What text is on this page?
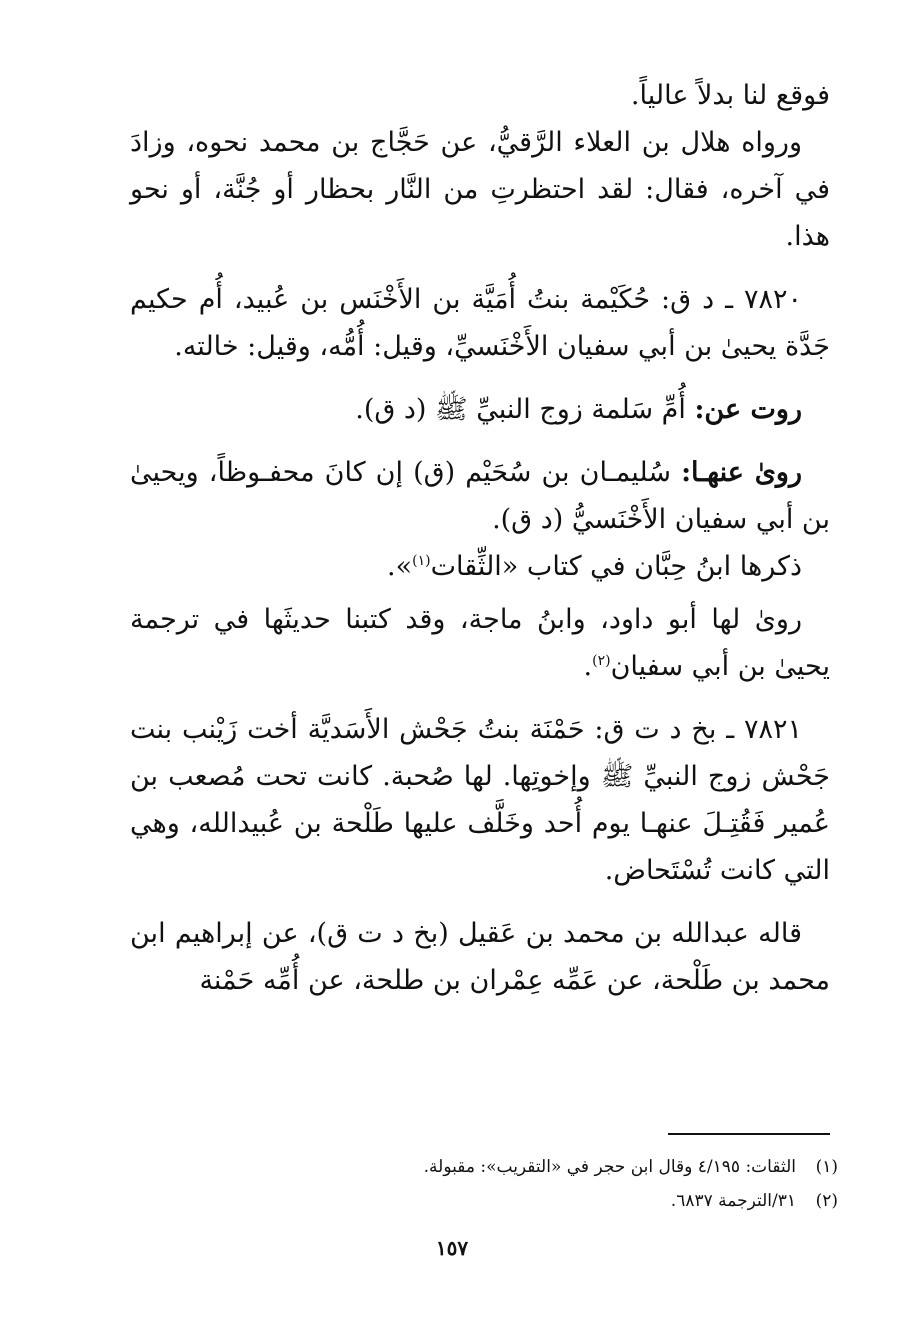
فوقع لنا بدلاً عالياً.

ورواه هلال بن العلاء الرَّقيُّ، عن حَجَّاج بن محمد نحوه، وزادَ في آخره، فقال: لقد احتظرتِ من النَّار بحظار أو جُنَّة، أو نحو هذا.

٧٨٢٠ ـ د ق: حُكَيْمة بنتُ أُمَيَّة بن الأَخْنَس بن عُبيد، أُم حكيم جَدَّة يحيىٰ بن أبي سفيان الأَخْنَسيِّ، وقيل: أُمُّه، وقيل: خالته.

روت عن: أُمِّ سَلمة زوج النبيِّ ﷺ (د ق).

رویٰ عنهـا: سُليمـان بن سُحَيْم (ق) إن كانَ محفـوظاً، ويحيىٰ بن أبي سفيان الأَخْنَسيُّ (د ق).

ذكرها ابنُ حِبَّان في كتاب «الثِّقات$^{(١)}$».

رویٰ لها أبو داود، وابنُ ماجة، وقد كتبنا حديثَها في ترجمة يحيىٰ بن أبي سفيان$^{(٢)}$.

٧٨٢١ ـ بخ د ت ق: حَمْنَة بنتُ جَحْش الأَسَديَّة أخت زَيْنب بنت جَحْش زوج النبيِّ ﷺ وإخوتِها. لها صُحبة. كانت تحت مُصعب بن عُمير فَقُتِـلَ عنهـا يوم أُحد وخَلَّف عليها طَلْحة بن عُبيدالله، وهي التي كانت تُسْتَحاض.

قاله عبدالله بن محمد بن عَقيل (بخ د ت ق)، عن إبراهيم ابن محمد بن طَلْحة، عن عَمِّه عِمْران بن طلحة، عن أُمِّه حَمْنة

(١)الثقات: ٤/١٩٥ وقال ابن حجر في «التقريب»: مقبولة.

(٢)٣١/الترجمة ٦٨٣٧.

١٥٧
